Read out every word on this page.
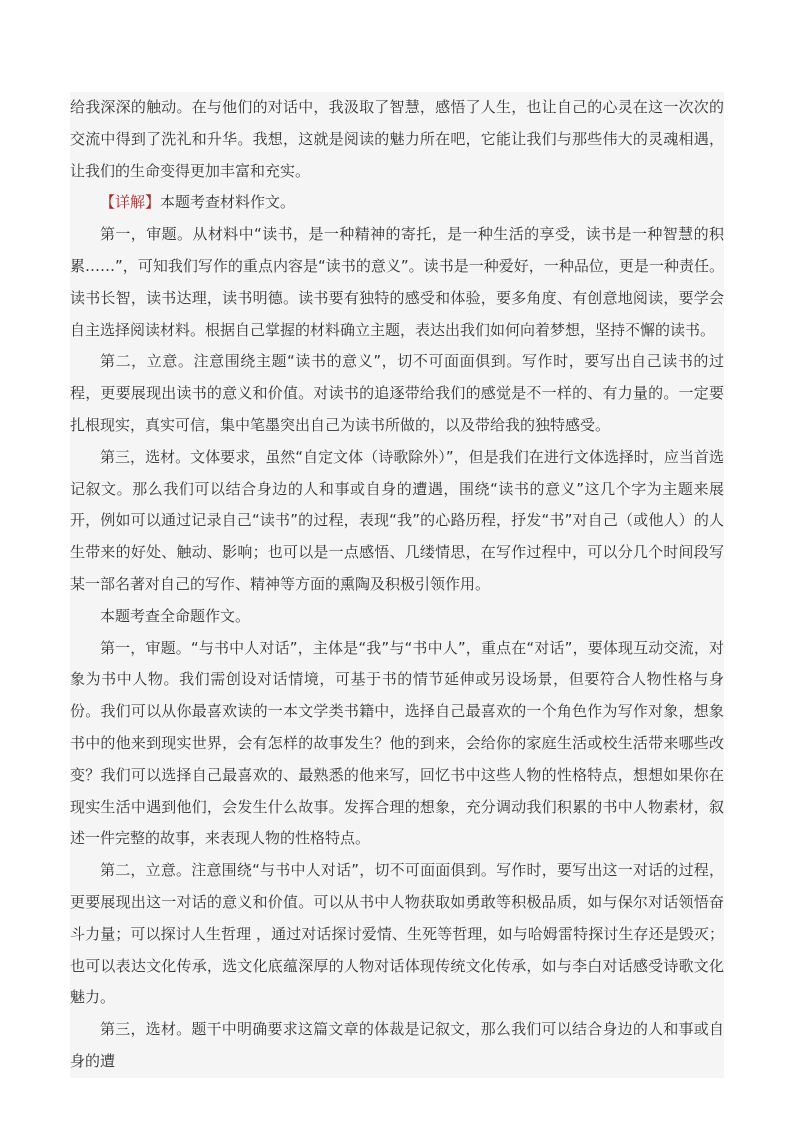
给我深深的触动。在与他们的对话中，我汲取了智慧，感悟了人生，也让自己的心灵在这一次次的交流中得到了洗礼和升华。我想，这就是阅读的魅力所在吧，它能让我们与那些伟大的灵魂相遇，让我们的生命变得更加丰富和充实。

【详解】本题考查材料作文。

第一，审题。从材料中“读书，是一种精神的寄托，是一种生活的享受，读书是一种智慧的积累……”，可知我们写作的重点内容是“读书的意义”。读书是一种爱好，一种品位，更是一种责任。读书长智，读书达理，读书明德。读书要有独特的感受和体验，要多角度、有创意地阅读，要学会自主选择阅读材料。根据自己掌握的材料确立主题，表达出我们如何向着梦想，坚持不懈的读书。

第二，立意。注意围绕主题“读书的意义”，切不可面面俱到。写作时，要写出自己读书的过程，更要展现出读书的意义和价值。对读书的追逐带给我们的感觉是不一样的、有力量的。一定要扎根现实，真实可信，集中笔墨突出自己为读书所做的，以及带给我的独特感受。

第三，选材。文体要求，虽然“自定文体（诗歌除外）”，但是我们在进行文体选择时，应当首选记叙文。那么我们可以结合身边的人和事或自身的遭遇，围绕“读书的意义”这几个字为主题来展开，例如可以通过记录自己“读书”的过程，表现“我”的心路历程，抒发“书”对自己（或他人）的人生带来的好处、触动、影响；也可以是一点感悟、几缕情思，在写作过程中，可以分几个时间段写某一部名著对自己的写作、精神等方面的熏陶及积极引领作用。

本题考查全命题作文。

第一，审题。“与书中人对话”，主体是“我”与“书中人”，重点在“对话”，要体现互动交流，对象为书中人物。我们需创设对话情境，可基于书的情节延伸或另设场景，但要符合人物性格与身份。我们可以从你最喜欢读的一本文学类书籍中，选择自己最喜欢的一个角色作为写作对象，想象书中的他来到现实世界，会有怎样的故事发生？他的到来，会给你的家庭生活或校生活带来哪些改变？我们可以选择自己最喜欢的、最熟悉的他来写，回忆书中这些人物的性格特点，想想如果你在现实生活中遇到他们，会发生什么故事。发挥合理的想象，充分调动我们积累的书中人物素材，叙述一件完整的故事，来表现人物的性格特点。

第二，立意。注意围绕“与书中人对话”，切不可面面俱到。写作时，要写出这一对话的过程，更要展现出这一对话的意义和价值。可以从书中人物获取如勇敢等积极品质，如与保尔对话领悟奋斗力量；可以探讨人生哲理 ，通过对话探讨爱情、生死等哲理，如与哈姆雷特探讨生存还是毁灭；也可以表达文化传承，选文化底蕴深厚的人物对话体现传统文化传承，如与李白对话感受诗歌文化魅力。

第三，选材。题干中明确要求这篇文章的体裁是记叙文，那么我们可以结合身边的人和事或自身的遭
